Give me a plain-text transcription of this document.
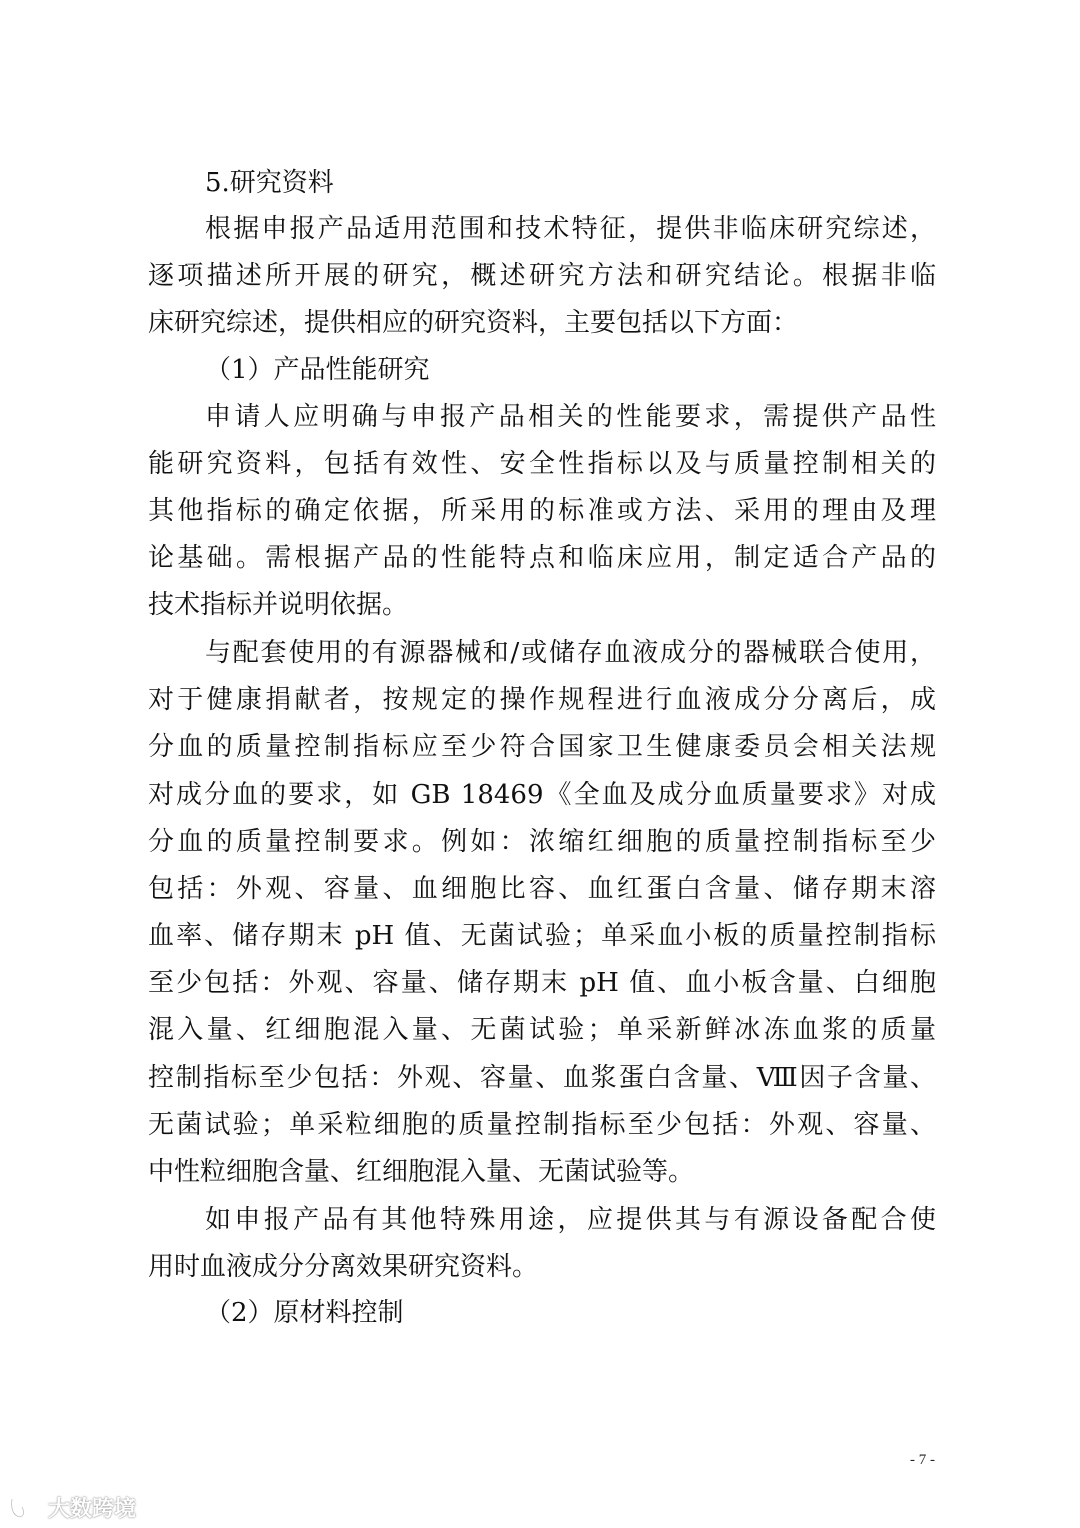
5.研究资料
根据申报产品适用范围和技术特征，提供非临床研究综述，
逐项描述所开展的研究，概述研究方法和研究结论。根据非临
床研究综述，提供相应的研究资料，主要包括以下方面：
（1）产品性能研究
申请人应明确与申报产品相关的性能要求，需提供产品性
能研究资料，包括有效性、安全性指标以及与质量控制相关的
其他指标的确定依据，所采用的标准或方法、采用的理由及理
论基础。需根据产品的性能特点和临床应用，制定适合产品的
技术指标并说明依据。
与配套使用的有源器械和/或储存血液成分的器械联合使用，
对于健康捐献者，按规定的操作规程进行血液成分分离后，成
分血的质量控制指标应至少符合国家卫生健康委员会相关法规
对成分血的要求，如 GB 18469《全血及成分血质量要求》对成
分血的质量控制要求。例如：浓缩红细胞的质量控制指标至少
包括：外观、容量、血细胞比容、血红蛋白含量、储存期末溶
血率、储存期末 pH 值、无菌试验；单采血小板的质量控制指标
至少包括：外观、容量、储存期末 pH 值、血小板含量、白细胞
混入量、红细胞混入量、无菌试验；单采新鲜冰冻血浆的质量
控制指标至少包括：外观、容量、血浆蛋白含量、Ⅷ因子含量、
无菌试验；单采粒细胞的质量控制指标至少包括：外观、容量、
中性粒细胞含量、红细胞混入量、无菌试验等。
如申报产品有其他特殊用途，应提供其与有源设备配合使
用时血液成分分离效果研究资料。
（2）原材料控制
- 7 -
大数跨境
